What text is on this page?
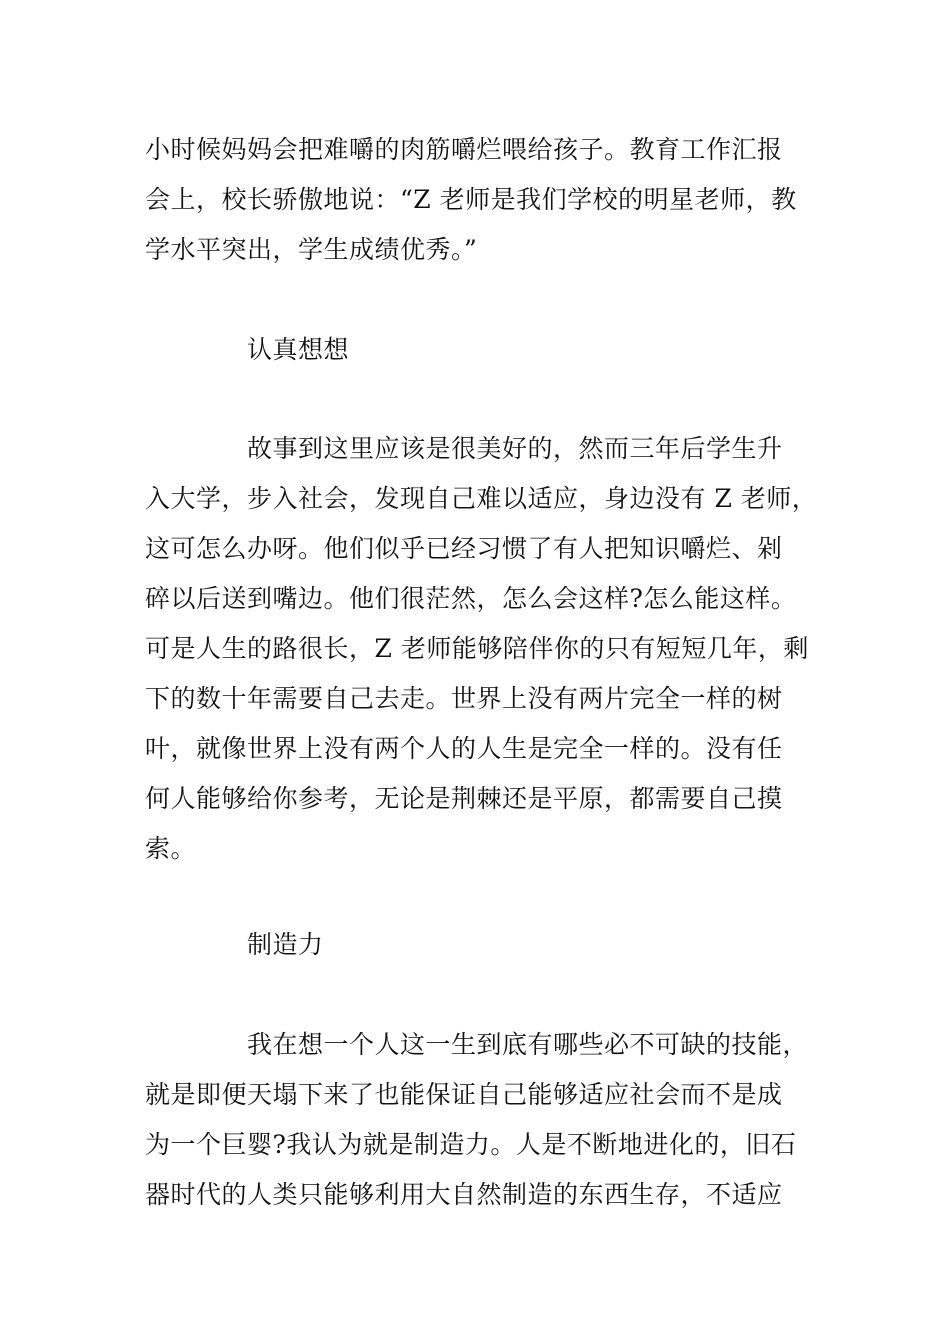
小时候妈妈会把难嚼的肉筋嚼烂喂给孩子。教育工作汇报
会上，校长骄傲地说：“Z 老师是我们学校的明星老师，教
学水平突出，学生成绩优秀。”
认真想想
故事到这里应该是很美好的，然而三年后学生升
入大学，步入社会，发现自己难以适应，身边没有 Z 老师，
这可怎么办呀。他们似乎已经习惯了有人把知识嚼烂、剁
碎以后送到嘴边。他们很茫然，怎么会这样?怎么能这样。
可是人生的路很长，Z 老师能够陪伴你的只有短短几年，剩
下的数十年需要自己去走。世界上没有两片完全一样的树
叶，就像世界上没有两个人的人生是完全一样的。没有任
何人能够给你参考，无论是荆棘还是平原，都需要自己摸
索。
制造力
我在想一个人这一生到底有哪些必不可缺的技能，
就是即便天塌下来了也能保证自己能够适应社会而不是成
为一个巨婴?我认为就是制造力。人是不断地进化的，旧石
器时代的人类只能够利用大自然制造的东西生存，不适应
